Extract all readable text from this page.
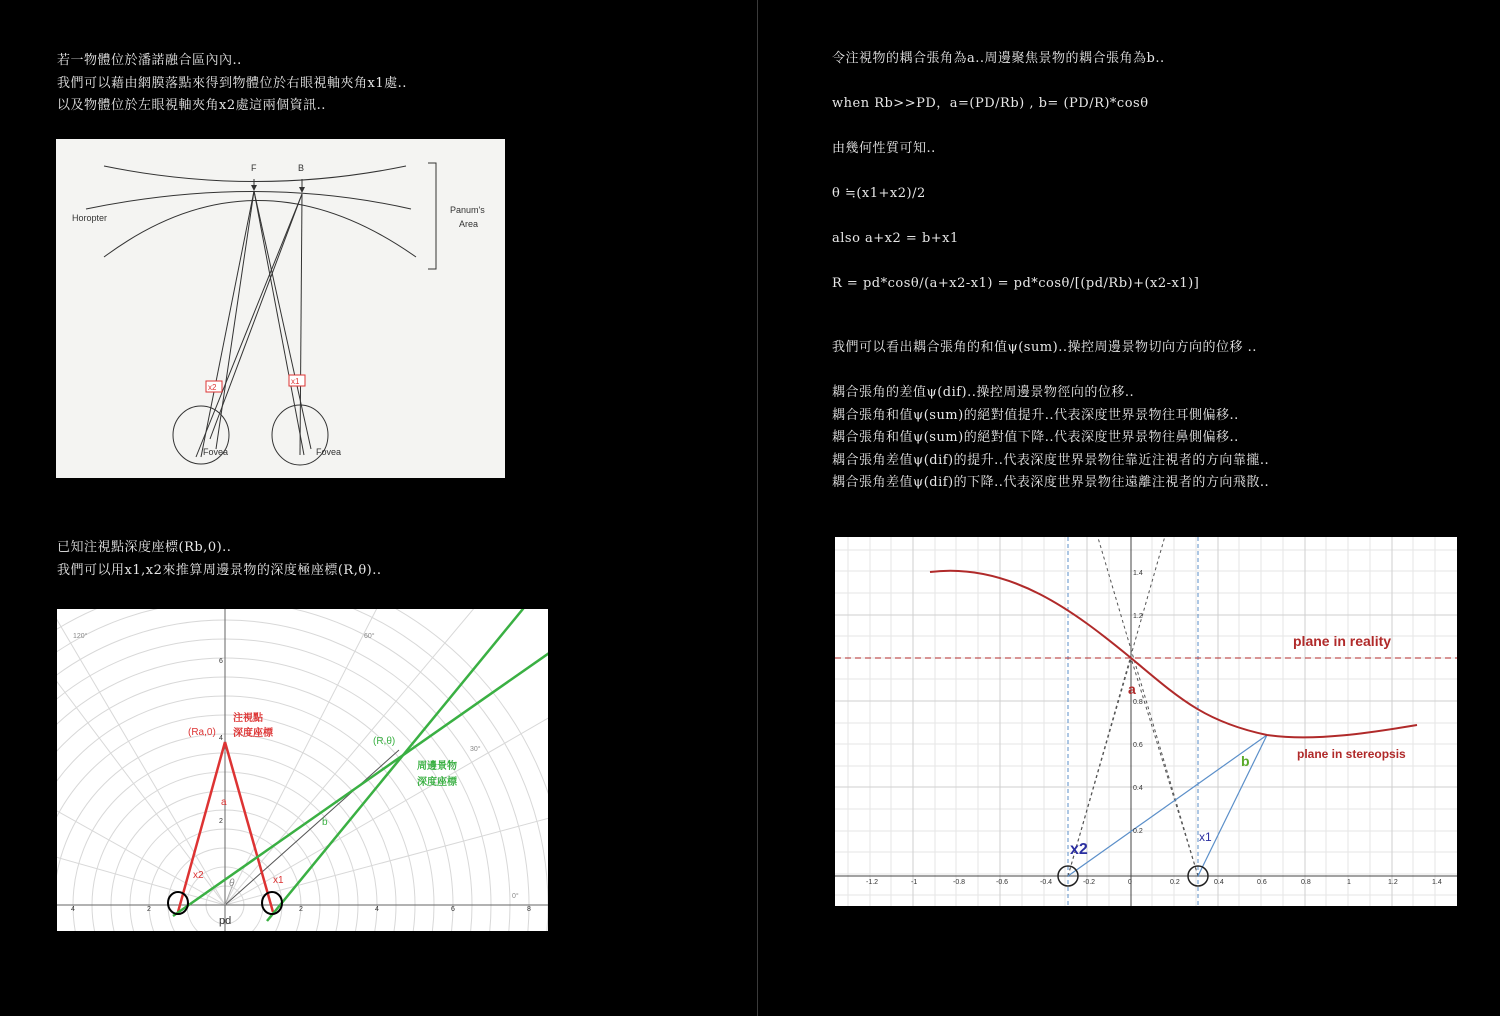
若一物體位於潘諾融合區內內..
我們可以藉由網膜落點來得到物體位於右眼視軸夾角x1處..
以及物體位於左眼視軸夾角x2處這兩個資訊..
F	B
Horopter
Panum's
Area
Fovea	Fovea
x2
x1
已知注視點深度座標(Rb,0)..
我們可以用x1,x2來推算周邊景物的深度極座標(R,θ)..
120°	60°
30°
0°
6
4
2
4	2	2	4	6	8
(Ra,0)
a
x2	x1
注視點
深度座標
(R,θ)
b
周邊景物
深度座標
θ
pd
令注視物的耦合張角為a..周邊聚焦景物的耦合張角為b..
when Rb>>PD，a=(PD/Rb) , b= (PD/R)*cosθ
由幾何性質可知..
θ ≒(x1+x2)/2
also a+x2 = b+x1
R = pd*cosθ/(a+x2-x1) = pd*cosθ/[(pd/Rb)+(x2-x1)]
我們可以看出耦合張角的和值ψ(sum)..操控周邊景物切向方向的位移 ..
耦合張角的差值ψ(dif)..操控周邊景物徑向的位移..
耦合張角和值ψ(sum)的絕對值提升..代表深度世界景物往耳側偏移..
耦合張角和值ψ(sum)的絕對值下降..代表深度世界景物往鼻側偏移..
耦合張角差值ψ(dif)的提升..代表深度世界景物往靠近注視者的方向靠攏..
耦合張角差值ψ(dif)的下降..代表深度世界景物往遠離注視者的方向飛散..
1.4
1.2
0.8
0.6
0.4
0.2
-1.2	-1	-0.8	-0.6	-0.4	-0.2	0	0.2	0.4	0.6	0.8	1	1.2	1.4
plane in reality
plane in stereopsis
a
b
x1
x2
